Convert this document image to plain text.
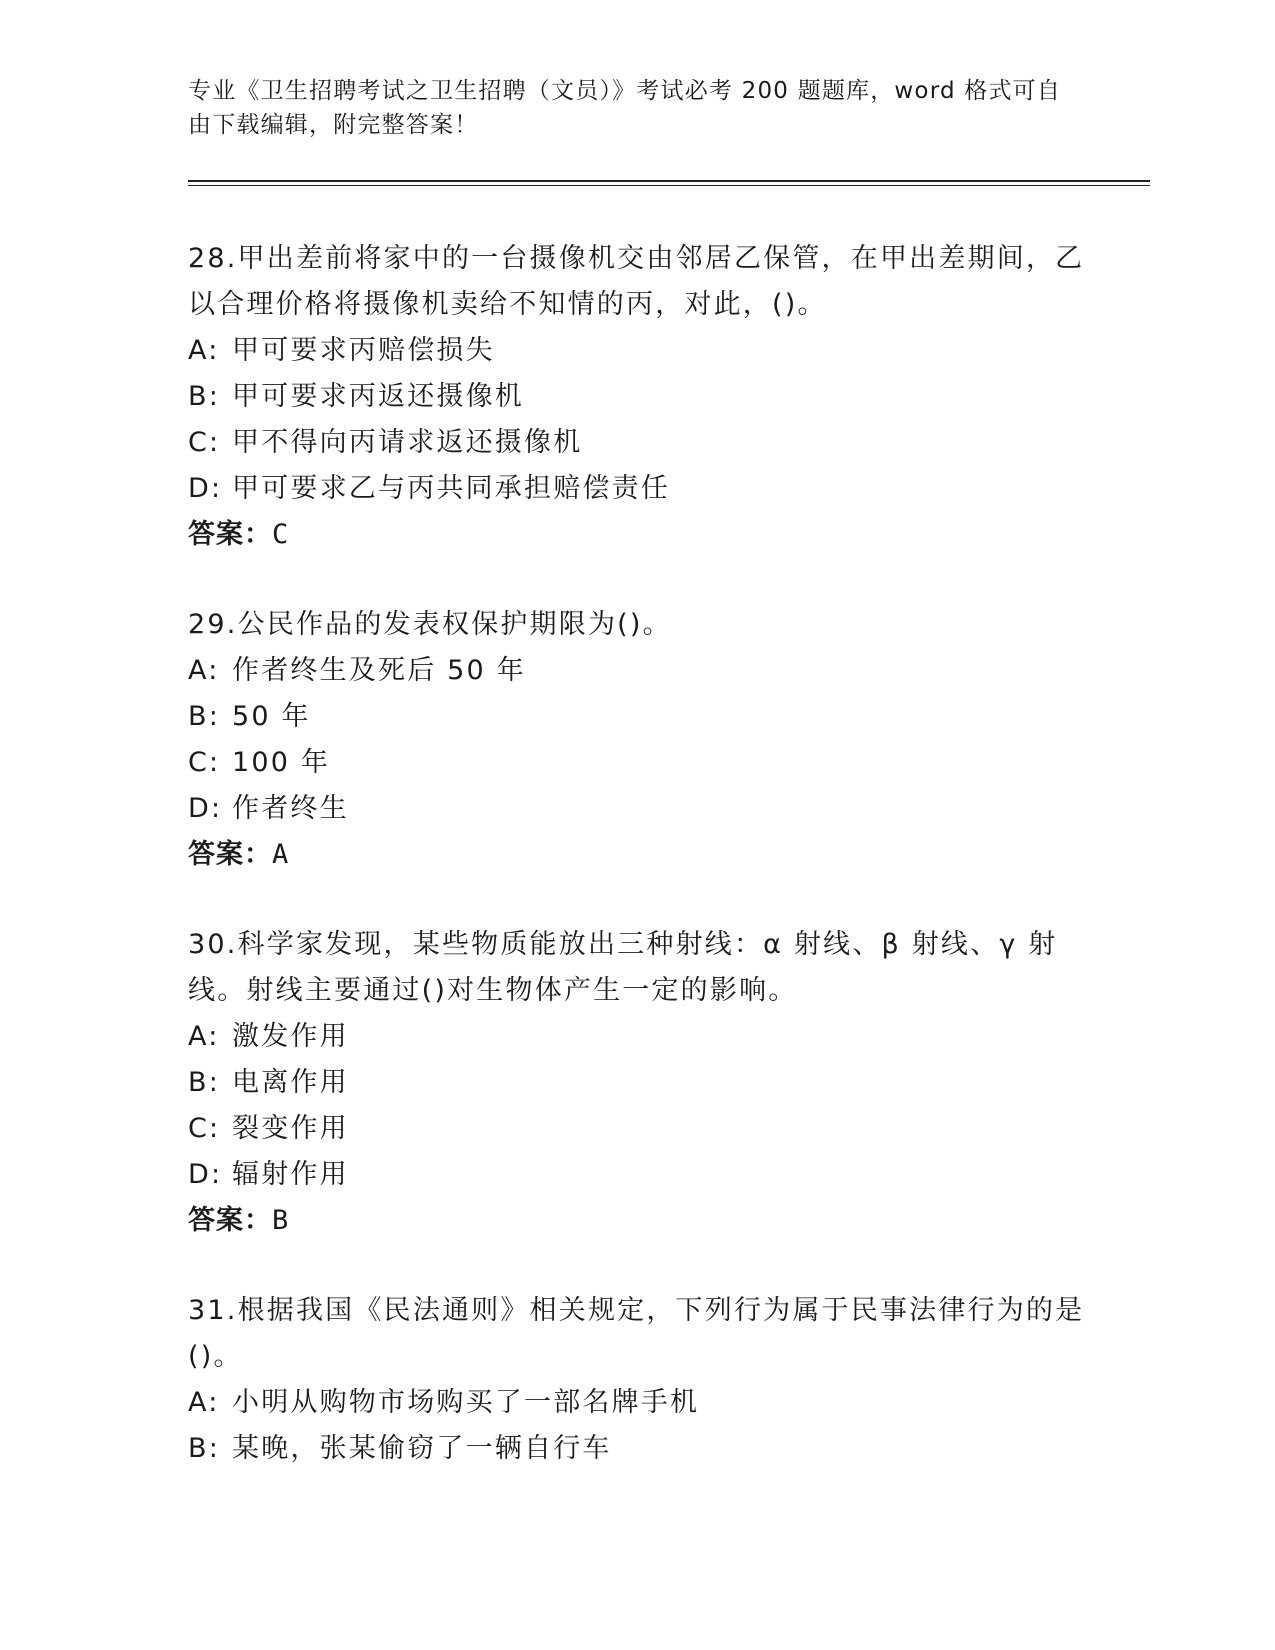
专业《卫生招聘考试之卫生招聘（文员）》考试必考 200 题题库，word 格式可自
由下载编辑，附完整答案！

28.甲出差前将家中的一台摄像机交由邻居乙保管，在甲出差期间，乙以合理价格将摄像机卖给不知情的丙，对此，()。

A: 甲可要求丙赔偿损失

B: 甲可要求丙返还摄像机

C: 甲不得向丙请求返还摄像机

D: 甲可要求乙与丙共同承担赔偿责任

答案：C

29.公民作品的发表权保护期限为()。

A: 作者终生及死后 50 年

B: 50 年

C: 100 年

D: 作者终生

答案：A

30.科学家发现，某些物质能放出三种射线：α 射线、β 射线、γ 射线。射线主要通过()对生物体产生一定的影响。

A: 激发作用

B: 电离作用

C: 裂变作用

D: 辐射作用

答案：B

31.根据我国《民法通则》相关规定，下列行为属于民事法律行为的是()。

A: 小明从购物市场购买了一部名牌手机

B: 某晚，张某偷窃了一辆自行车
